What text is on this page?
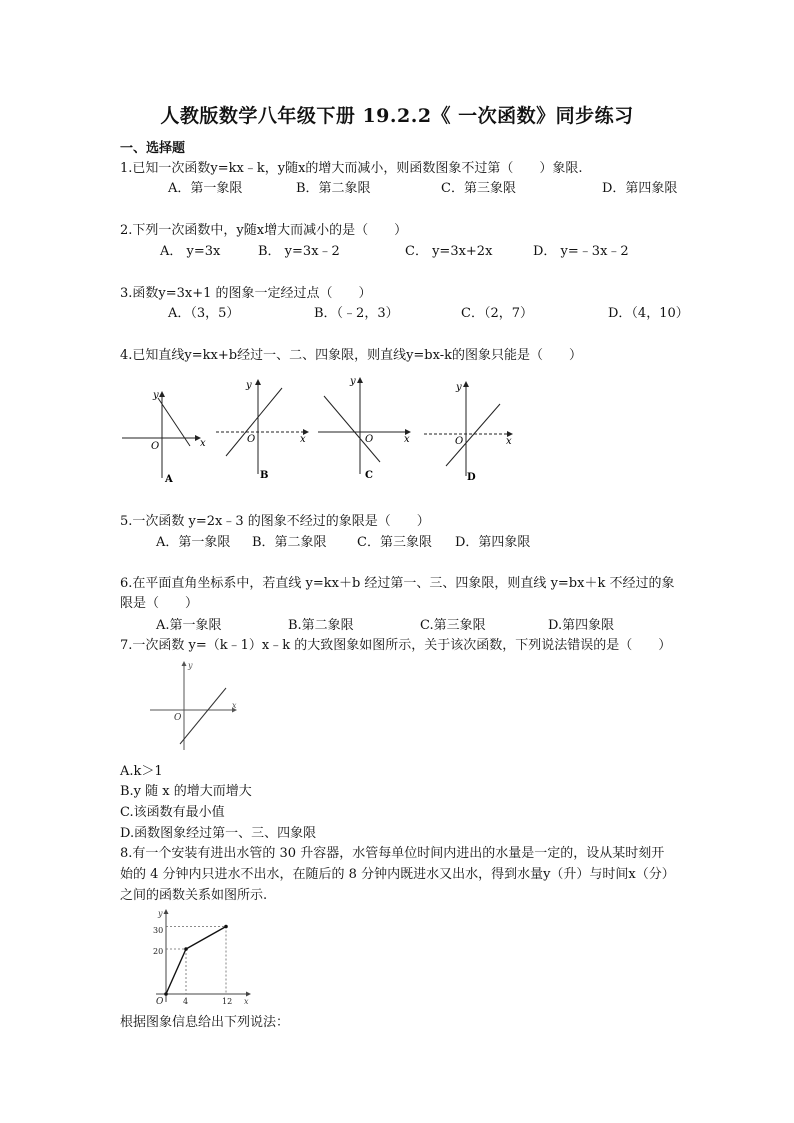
人教版数学八年级下册 19.2.2《 一次函数》同步练习
一、选择题
1.已知一次函数y=kx﹣k，y随x的增大而减小，则函数图象不过第（　　）象限.
A．第一象限	B．第二象限	C．第三象限	D．第四象限
2.下列一次函数中，y随x增大而减小的是（　　）
A． y=3x	B． y=3x﹣2	C． y=3x+2x	D． y=﹣3x﹣2
3.函数y=3x+1 的图象一定经过点（　　）
A．（3，5）	B．（﹣2，3）	C．（2，7）	D．（4，10）
4.已知直线y=kx+b经过一、二、四象限，则直线y=bx-k的图象只能是（　　）
y
x
O
A
y
x
O
B
y
x
O
C
y
x
O
D
5.一次函数 y=2x﹣3 的图象不经过的象限是（　　）
A．第一象限 B．第二象限 C．第三象限 D．第四象限
6.在平面直角坐标系中，若直线 y=kx＋b 经过第一、三、四象限，则直线 y=bx＋k 不经过的象
限是（　　）
A.第一象限	B.第二象限	C.第三象限	D.第四象限
7.一次函数 y=（k﹣1）x﹣k 的大致图象如图所示，关于该次函数，下列说法错误的是（　　）
y
x
O
A.k＞1
B.y 随 x 的增大而增大
C.该函数有最小值
D.函数图象经过第一、三、四象限
8.有一个安装有进出水管的 30 升容器，水管每单位时间内进出的水量是一定的，设从某时刻开
始的 4 分钟内只进水不出水，在随后的 8 分钟内既进水又出水，得到水量y（升）与时间x（分）
之间的函数关系如图所示.
y
x
30
20
4	12
O
根据图象信息给出下列说法：
